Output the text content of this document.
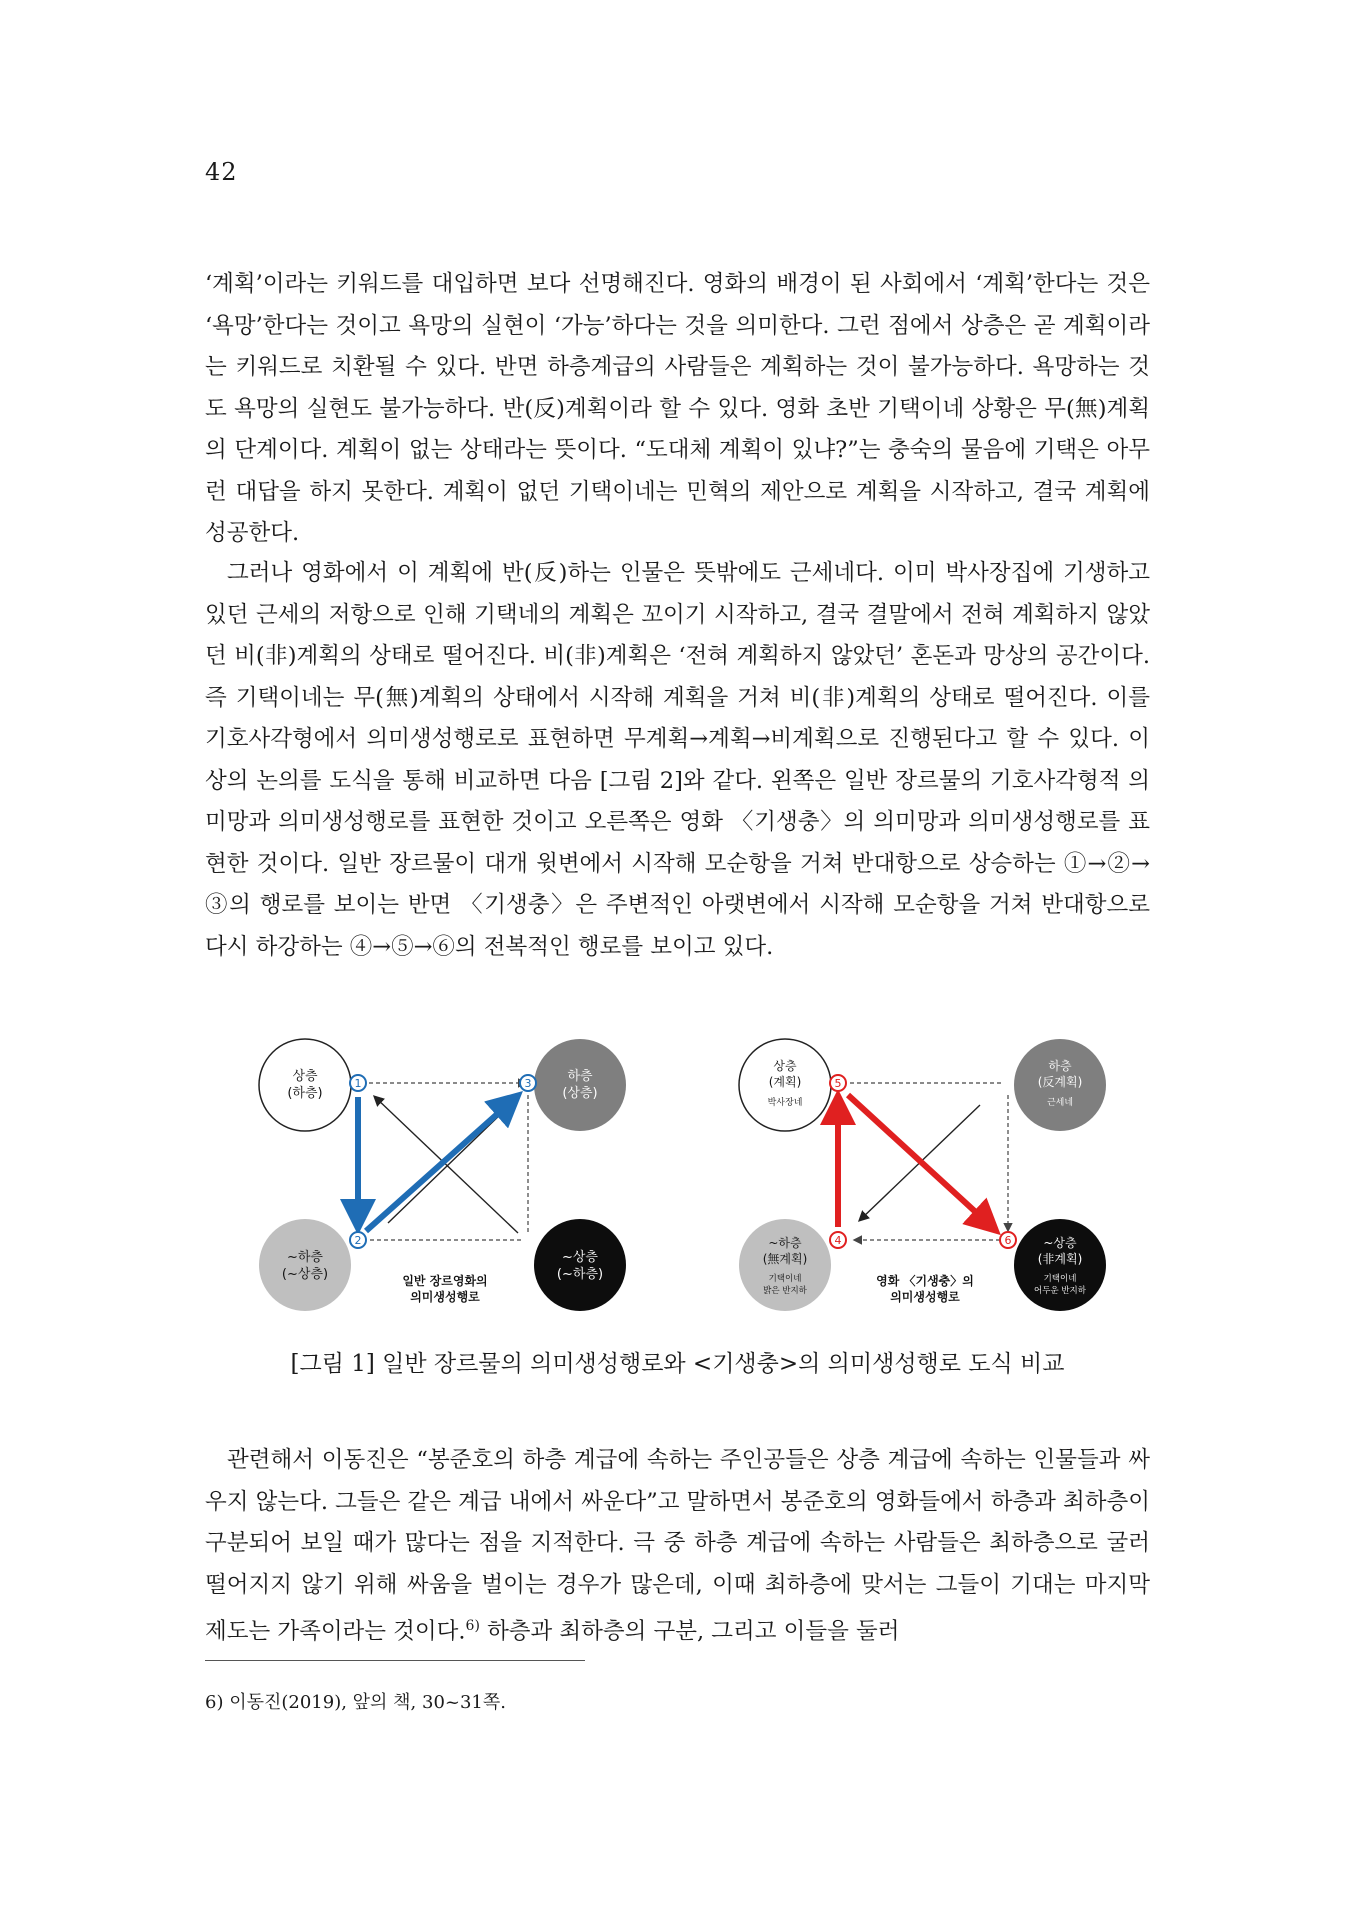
42

‘계획’이라는 키워드를 대입하면 보다 선명해진다. 영화의 배경이 된 사회에서 ‘계획’한다는 것은 ‘욕망’한다는 것이고 욕망의 실현이 ‘가능’하다는 것을 의미한다. 그런 점에서 상층은 곧 계획이라는 키워드로 치환될 수 있다. 반면 하층계급의 사람들은 계획하는 것이 불가능하다. 욕망하는 것도 욕망의 실현도 불가능하다. 반(反)계획이라 할 수 있다. 영화 초반 기택이네 상황은 무(無)계획의 단계이다. 계획이 없는 상태라는 뜻이다. “도대체 계획이 있냐?”는 충숙의 물음에 기택은 아무런 대답을 하지 못한다. 계획이 없던 기택이네는 민혁의 제안으로 계획을 시작하고, 결국 계획에 성공한다.

그러나 영화에서 이 계획에 반(反)하는 인물은 뜻밖에도 근세네다. 이미 박사장집에 기생하고 있던 근세의 저항으로 인해 기택네의 계획은 꼬이기 시작하고, 결국 결말에서 전혀 계획하지 않았던 비(非)계획의 상태로 떨어진다. 비(非)계획은 ‘전혀 계획하지 않았던’ 혼돈과 망상의 공간이다. 즉 기택이네는 무(無)계획의 상태에서 시작해 계획을 거쳐 비(非)계획의 상태로 떨어진다. 이를 기호사각형에서 의미생성행로로 표현하면 무계획→계획→비계획으로 진행된다고 할 수 있다. 이상의 논의를 도식을 통해 비교하면 다음 [그림 2]와 같다. 왼쪽은 일반 장르물의 기호사각형적 의미망과 의미생성행로를 표현한 것이고 오른쪽은 영화 〈기생충〉의 의미망과 의미생성행로를 표현한 것이다. 일반 장르물이 대개 윗변에서 시작해 모순항을 거쳐 반대항으로 상승하는 ①→②→③의 행로를 보이는 반면 〈기생충〉은 주변적인 아랫변에서 시작해 모순항을 거쳐 반대항으로 다시 하강하는 ④→⑤→⑥의 전복적인 행로를 보이고 있다.

상층
(하층)
하층
(상층)
~하층
(~상층)
~상층
(~하층)
1
2
3
일반 장르영화의
의미생성행로
상층
(계획)
박사장네
하층
(反계획)
근세네
~하층
(無계획)
기택이네
밝은 반지하
~상층
(非계획)
기택이네
어두운 반지하
4
5
6
영화 〈기생충〉의
의미생성행로
[그림 1] 일반 장르물의 의미생성행로와 <기생충>의 의미생성행로 도식 비교

관련해서 이동진은 “봉준호의 하층 계급에 속하는 주인공들은 상층 계급에 속하는 인물들과 싸우지 않는다. 그들은 같은 계급 내에서 싸운다”고 말하면서 봉준호의 영화들에서 하층과 최하층이 구분되어 보일 때가 많다는 점을 지적한다. 극 중 하층 계급에 속하는 사람들은 최하층으로 굴러떨어지지 않기 위해 싸움을 벌이는 경우가 많은데, 이때 최하층에 맞서는 그들이 기대는 마지막 제도는 가족이라는 것이다.$^{6)}$ 하층과 최하층의 구분, 그리고 이들을 둘러

6) 이동진(2019), 앞의 책, 30~31쪽.
